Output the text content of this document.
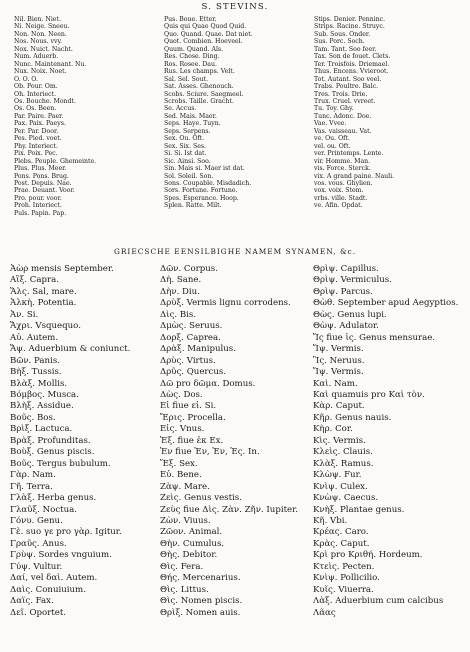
S. STEVINS.
Nil. Bien. Niet.
Ni. Neige. Sneeu.
Non. Non. Neen.
Nos. Nous. vvy.
Nox. Nuict. Nacht.
Num. Aduerb.
Nunc. Maintenant. Nu.
Nux. Noix. Noet.
O. O. O.
Ob. Pour. Om.
Oh. Interiect.
Os. Bouche. Mondt.
Os. Os. Been.
Par. Paire. Paer.
Pax. Paix. Paeys.
Per. Par. Door.
Pes. Pied. voet.
Phy. Interiect.
Pix. Poix. Pec.
Plebs. Peuple. Ghemeinte.
Plus. Plus. Meer.
Pons. Pons. Brug.
Post. Depuis. Nae.
Prae. Deuant. Voor.
Pro. pour. voor.
Proh. Interiect.
Puls. Papin. Pap.
Pus. Boue. Etter.
Quis qui Quae Quod Quid.
Quo. Quand. Quae. Dat niet.
Quot. Combien. Hoeveel.
Quum. Quand. Als.
Res. Chose. Ding.
Ros. Rosee. Dau.
Rus. Les champs. Velt.
Sal. Sel. Sout.
Sat. Asses. Ghenouch.
Scobs. Sciure. Saegmeel.
Scrobs. Taille. Gracht.
Se. Accus.
Sed. Mais. Maer.
Seps. Haye. Tuyn.
Seps. Serpens.
Sex. Ou. Oft.
Sex. Six. Ses.
Si. Si. Ist dat.
Sic. Ainsi. Soo.
Sin. Mais si. Maer ist dat.
Sol. Soleil. Son.
Sons. Coupable. Misdadich.
Sors. Fortune. Fortune.
Spes. Esperance. Hoop.
Splen. Ratte. Milt.
Stips. Denier. Penninc.
Strips. Racine. Struyc.
Sub. Sous. Onder.
Sus. Porc. Soch.
Tam. Tant. Soo feer.
Tax. Son de fouet. Clets.
Ter. Troisfois. Driemael.
Thus. Encens. Vvieroot.
Tot. Autant. Soo veel.
Trabs. Poultre. Balc.
Tres. Trois. Drie.
Trux. Cruel. vvreet.
Tu. Toy. Ghy.
Tunc. Adonc. Doe.
Vae. Vvee.
Vas. vaisseau. Vat.
ve. Ou. Oft.
vel. ou. Oft.
ver. Printemps. Lente.
vir. Homme. Man.
vis. Force. Sterck.
vix. A grand paine. Nauli.
vos. vous. Ghylien.
vox. voix. Stem.
vrbs. ville. Stadt.
ve. Afin. Opdat.
GRIECSCHE EENSILBIGHE NAMEM SYNAMEN, &c.
Ἀὼρ mensis September.
Αἲξ. Capra.
Ἅλς. Sal, mare.
Ἀλκὴ. Potentia.
Ἀν. Si.
Ἄχρι. Vsquequo.
Αὖ. Autem.
Ἄψ. Aduerbium & coniunct.
Βῶν. Panis.
Βὴξ. Tussis.
Βλὰξ. Mollis.
Βόμβος. Musca.
Βλὴξ. Assidue.
Βοῦς. Bos.
Βρὶξ. Lactuca.
Βρὰξ. Profunditas.
Βοὺξ. Genus piscis.
Βοῦς. Tergus bubulum.
Γὰρ. Nam.
Γῆ. Terra.
Γλὰξ. Herba genus.
Γλαῦξ. Noctua.
Γόνυ. Genu.
Γὲ. suo γε pro γὰρ. Igitur.
Γραῦς. Anus.
Γρὺψ. Sordes vnguium.
Γύψ. Vultur.
Δαί, vel δαὶ. Autem.
Δαὶς. Conuiuium.
Δαΐς. Fax.
Δεῖ. Oportet.
Δῶν. Corpus.
Δὴ. Sane.
Δὴν. Diu.
Δρὺξ. Vermis lignu corrodens.
Δὶς. Bis.
Δμὼς. Seruus.
Δορξ. Caprea.
Δρὰξ. Manipulus.
Δρὺς. Virtus.
Δρῦς. Quercus.
Δῶ pro δῶμα. Domus.
Δὼς. Dos.
Εἰ fiue εἰ. Si.
Ἔρις. Procella.
Εἷς. Vnus.
Ἐξ. fiue ἐκ Ex.
Ἐν fiue Ἐν, Ἐν, Ἐς. In.
Ἕξ. Sex.
Εὖ. Bene.
Ζὰψ. Mare.
Ζεὶς. Genus vestis.
Ζεὺς fiue Δὶς. Ζὰν. Ζῆν. Iupiter.
Ζὼν. Viuus.
Ζῶον. Animal.
Θὴν. Cumulus.
Θὴς. Debitor.
Θὶς. Fera.
Θής. Mercenarius.
Θὶς. Littus.
Θὶς. Nomen piscis.
Θρὶξ. Nomen auis.
Θρὶψ. Capillus.
Θρὶψ. Vermiculus.
Θρὶψ. Parcus.
Θὼθ. September apud Aegyptios.
Θὼς. Genus lupi.
Θὼψ. Adulator.
Ἴς fiue ἶς. Genus mensurae.
Ἴψ. Vermis.
Ἲς. Neruus.
Ἴψ. Vermis.
Καὶ. Nam.
Καὶ quamuis pro Καὶ τὸν.
Κὰρ. Caput.
Κῆρ. Genus nauis.
Κὴρ. Cor.
Κὶς. Vermis.
Κλεὶς. Clauis.
Κλὰξ. Ramus.
Κλὼψ. Fur.
Κνὶψ. Culex.
Κνὼψ. Caecus.
Κνὴξ. Plantae genus.
Κῆ. Vbi.
Κρέας. Caro.
Κρὰς. Caput.
Κρὶ pro Κριθή. Hordeum.
Κτεὶς. Pecten.
Κνὶψ. Pollicilio.
Κυῖς. Viuerra.
Λὰξ. Aduerbium cum calcibus
Λᾶας
